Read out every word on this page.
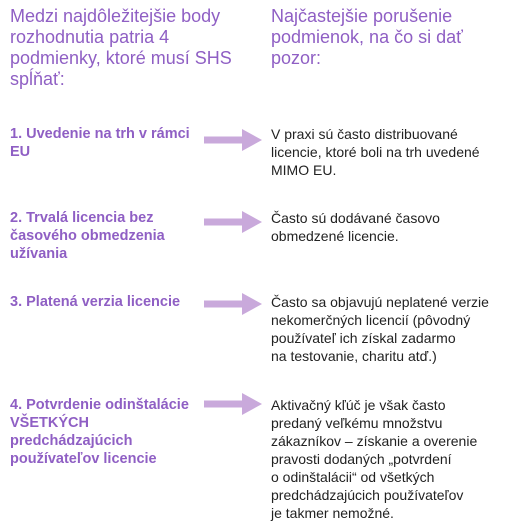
Medzi najdôležitejšie body
rozhodnutia patria 4
podmienky, ktoré musí SHS
spĺňať:
Najčastejšie porušenie
podmienok, na čo si dať
pozor:
1. Uvedenie na trh v rámci
EU
V praxi sú často distribuované
licencie, ktoré boli na trh uvedené
MIMO EU.
2. Trvalá licencia bez
časového obmedzenia
užívania
Často sú dodávané časovo
obmedzené licencie.
3. Platená verzia licencie	Často sa objavujú neplatené verzie
nekomerčných licencií (pôvodný
používateľ ich získal zadarmo
na testovanie, charitu atď.)
4. Potvrdenie odinštalácie
VŠETKÝCH
predchádzajúcich
používateľov licencie
Aktivačný kľúč je však často
predaný veľkému množstvu
zákazníkov – získanie a overenie
pravosti dodaných „potvrdení
o odinštalácii“ od všetkých
predchádzajúcich používateľov
je takmer nemožné.
